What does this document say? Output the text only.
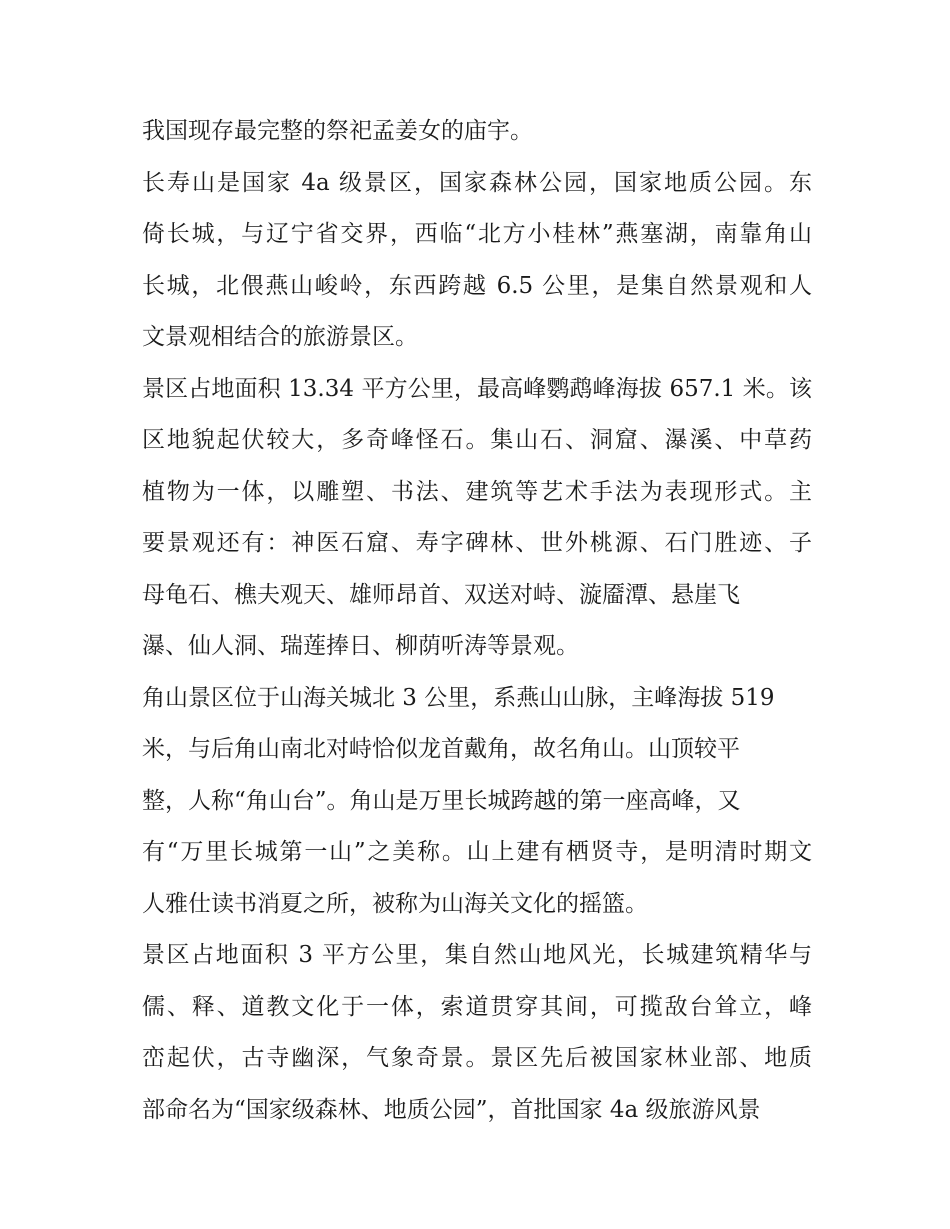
我国现存最完整的祭祀孟姜女的庙宇。
长寿山是国家 4a 级景区，国家森林公园，国家地质公园。东
倚长城，与辽宁省交界，西临“北方小桂林”燕塞湖，南靠角山
长城，北偎燕山峻岭，东西跨越 6.5 公里，是集自然景观和人
文景观相结合的旅游景区。
景区占地面积 13.34 平方公里，最高峰鹦鹉峰海拔 657.1 米。该
区地貌起伏较大，多奇峰怪石。集山石、洞窟、瀑溪、中草药
植物为一体，以雕塑、书法、建筑等艺术手法为表现形式。主
要景观还有：神医石窟、寿字碑林、世外桃源、石门胜迹、子
母龟石、樵夫观天、雄师昂首、双送对峙、漩靥潭、悬崖飞
瀑、仙人洞、瑞莲捧日、柳荫听涛等景观。
角山景区位于山海关城北 3 公里，系燕山山脉，主峰海拔 519
米，与后角山南北对峙恰似龙首戴角，故名角山。山顶较平
整，人称“角山台”。角山是万里长城跨越的第一座高峰，又
有“万里长城第一山”之美称。山上建有栖贤寺，是明清时期文
人雅仕读书消夏之所，被称为山海关文化的摇篮。
景区占地面积 3 平方公里，集自然山地风光，长城建筑精华与
儒、释、道教文化于一体，索道贯穿其间，可揽敌台耸立，峰
峦起伏，古寺幽深，气象奇景。景区先后被国家林业部、地质
部命名为“国家级森林、地质公园”，首批国家 4a 级旅游风景
